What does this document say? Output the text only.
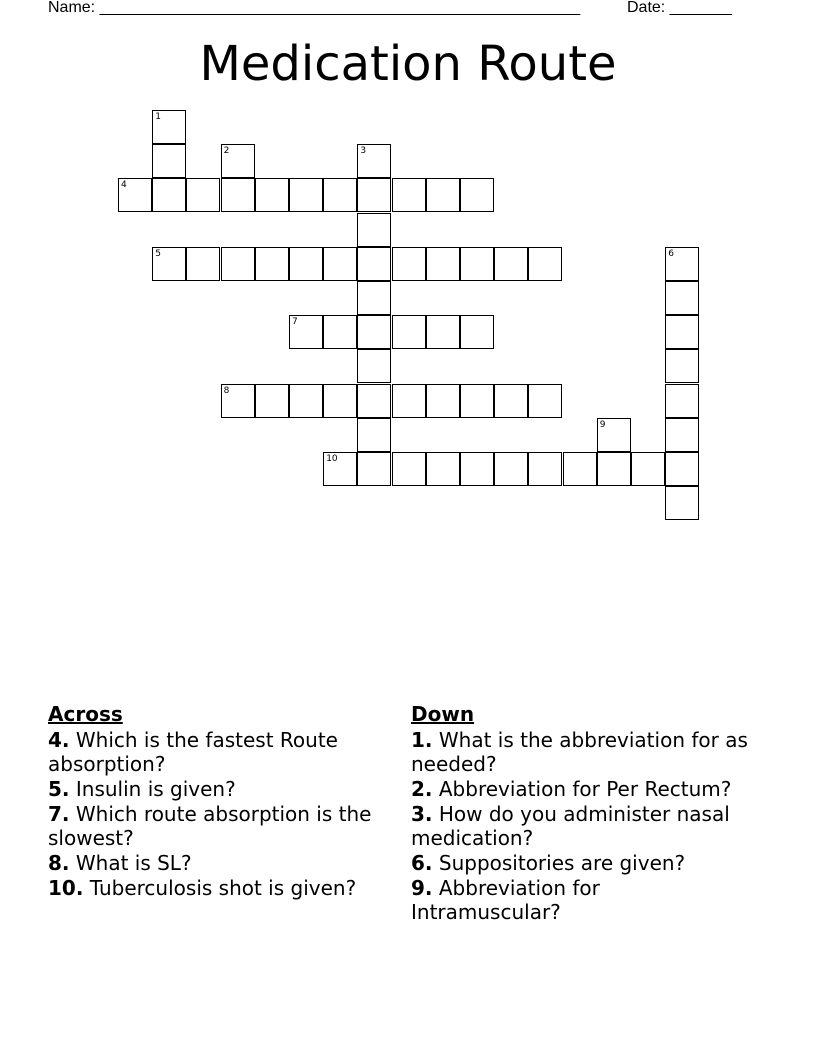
Name: ______________________________________________________	Date: _______
Medication Route
4
5
7
8
10
1
2	3
6
9
Across
4. Which is the fastest Route absorption?
5. Insulin is given?
7. Which route absorption is the slowest?
8. What is SL?
10. Tuberculosis shot is given?
Down
1. What is the abbreviation for as needed?
2. Abbreviation for Per Rectum?
3. How do you administer nasal medication?
6. Suppositories are given?
9. Abbreviation for Intramuscular?
